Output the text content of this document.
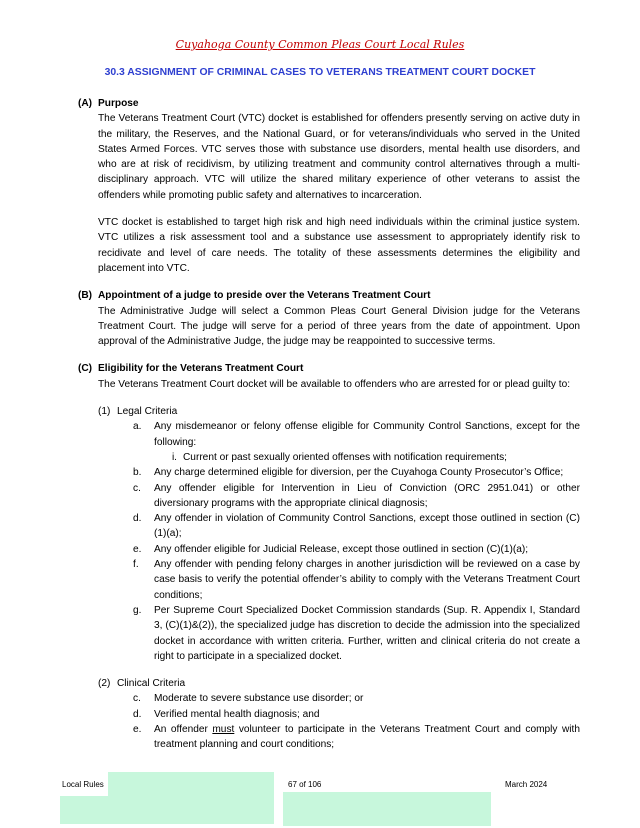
Cuyahoga County Common Pleas Court Local Rules
30.3 ASSIGNMENT OF CRIMINAL CASES TO VETERANS TREATMENT COURT DOCKET
(A) Purpose
The Veterans Treatment Court (VTC) docket is established for offenders presently serving on active duty in the military, the Reserves, and the National Guard, or for veterans/individuals who served in the United States Armed Forces. VTC serves those with substance use disorders, mental health use disorders, and who are at risk of recidivism, by utilizing treatment and community control alternatives through a multi-disciplinary approach. VTC will utilize the shared military experience of other veterans to assist the offenders while promoting public safety and alternatives to incarceration.
VTC docket is established to target high risk and high need individuals within the criminal justice system. VTC utilizes a risk assessment tool and a substance use assessment to appropriately identify risk to recidivate and level of care needs. The totality of these assessments determines the eligibility and placement into VTC.
(B) Appointment of a judge to preside over the Veterans Treatment Court
The Administrative Judge will select a Common Pleas Court General Division judge for the Veterans Treatment Court. The judge will serve for a period of three years from the date of appointment. Upon approval of the Administrative Judge, the judge may be reappointed to successive terms.
(C) Eligibility for the Veterans Treatment Court
The Veterans Treatment Court docket will be available to offenders who are arrested for or plead guilty to:
(1) Legal Criteria
a.	Any misdemeanor or felony offense eligible for Community Control Sanctions, except for the following:
i. Current or past sexually oriented offenses with notification requirements;
b.	Any charge determined eligible for diversion, per the Cuyahoga County Prosecutor’s Office;
c.	Any offender eligible for Intervention in Lieu of Conviction (ORC 2951.041) or other diversionary programs with the appropriate clinical diagnosis;
d.	Any offender in violation of Community Control Sanctions, except those outlined in section (C)(1)(a);
e.	Any offender eligible for Judicial Release, except those outlined in section (C)(1)(a);
f.	Any offender with pending felony charges in another jurisdiction will be reviewed on a case by case basis to verify the potential offender’s ability to comply with the Veterans Treatment Court conditions;
g.	Per Supreme Court Specialized Docket Commission standards (Sup. R. Appendix I, Standard 3, (C)(1)&(2)), the specialized judge has discretion to decide the admission into the specialized docket in accordance with written criteria. Further, written and clinical criteria do not create a right to participate in a specialized docket.
(2) Clinical Criteria
c.	Moderate to severe substance use disorder; or
d.	Verified mental health diagnosis; and
e.	An offender must volunteer to participate in the Veterans Treatment Court and comply with treatment planning and court conditions;
Local Rules	67 of 106	March 2024
